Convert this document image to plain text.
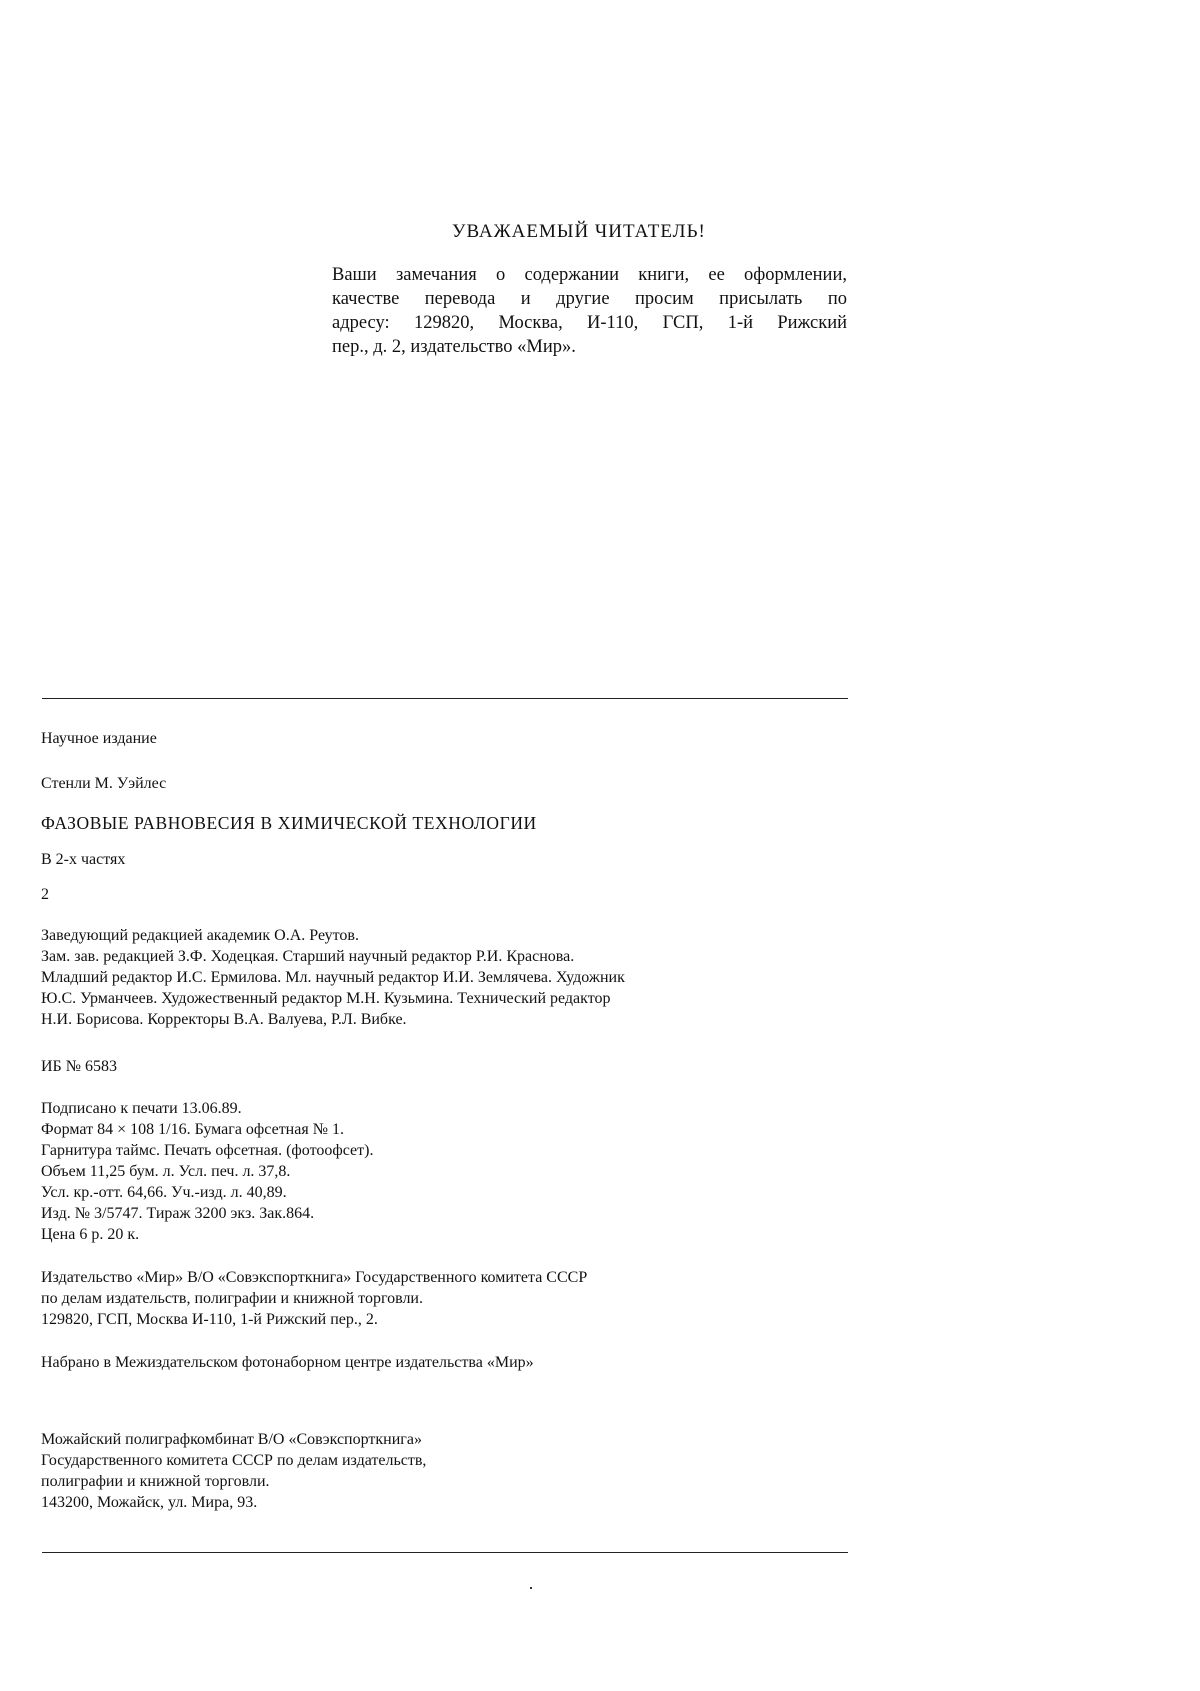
УВАЖАЕМЫЙ ЧИТАТЕЛЬ!
Ваши замечания о содержании книги, ее оформлении,
качестве перевода и другие просим присылать по
адресу: 129820, Москва, И-110, ГСП, 1-й Рижский
пер., д. 2, издательство «Мир».
Научное издание
Стенли М. Уэйлес
ФАЗОВЫЕ РАВНОВЕСИЯ В ХИМИЧЕСКОЙ ТЕХНОЛОГИИ
В 2-х частях
2
Заведующий редакцией академик О.А. Реутов.
Зам. зав. редакцией З.Ф. Ходецкая. Старший научный редактор Р.И. Краснова.
Младший редактор И.С. Ермилова. Мл. научный редактор И.И. Землячева. Художник
Ю.С. Урманчеев. Художественный редактор М.Н. Кузьмина. Технический редактор
Н.И. Борисова. Корректоры В.А. Валуева, Р.Л. Вибке.
ИБ № 6583
Подписано к печати 13.06.89.
Формат 84 × 108 1/16. Бумага офсетная № 1.
Гарнитура таймс. Печать офсетная. (фотоофсет).
Объем 11,25 бум. л. Усл. печ. л. 37,8.
Усл. кр.-отт. 64,66. Уч.-изд. л. 40,89.
Изд. № 3/5747. Тираж 3200 экз. Зак.864.
Цена 6 р. 20 к.
Издательство «Мир» В/О «Совэкспорткнига» Государственного комитета СССР
по делам издательств, полиграфии и книжной торговли.
129820, ГСП, Москва И-110, 1-й Рижский пер., 2.
Набрано в Межиздательском фотонаборном центре издательства «Мир»
Можайский полиграфкомбинат В/О «Совэкспорткнига»
Государственного комитета СССР по делам издательств,
полиграфии и книжной торговли.
143200, Можайск, ул. Мира, 93.
